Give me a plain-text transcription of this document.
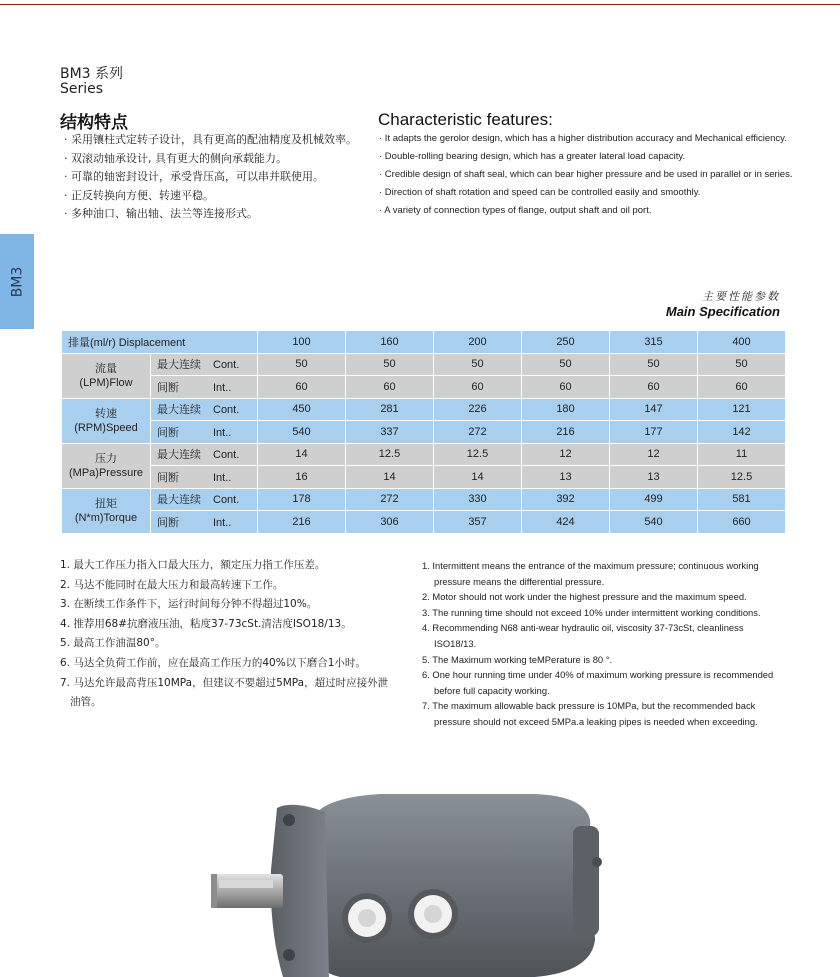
BM3
BM3 系列
Series
结构特点	Characteristic features:
· 采用镶柱式定转子设计，具有更高的配油精度及机械效率。
· 双滚动轴承设计, 具有更大的侧向承载能力。
· 可靠的轴密封设计，承受背压高，可以串并联使用。
· 正反转换向方便、转速平稳。
· 多种油口、输出轴、法兰等连接形式。
· It adapts the gerolor design, which has a higher distribution accuracy and Mechanical efficiency.
· Double-rolling bearing design, which has a greater lateral load capacity.
· Credible design of shaft seal, which can bear higher pressure and be used in parallel or in series.
· Direction of shaft rotation and speed can be controlled easily and smoothly.
· A variety of connection types of flange, output shaft and oil port.
主要性能参数
Main Specification
排量(ml/r) Displacement		100	160	200	250	315	400

流量
(LPM)Flow	最大连续 Cont.	50	50	50	50	50	50
	间断 Int..	60	60	60	60	60	60

转速
(RPM)Speed	最大连续 Cont.	450	281	226	180	147	121
	间断 Int..	540	337	272	216	177	142

压力
(MPa)Pressure	最大连续 Cont.	14	12.5	12.5	12	12	11
	间断 Int..	16	14	14	13	13	12.5

扭矩
(N*m)Torque	最大连续 Cont.	178	272	330	392	499	581
	间断 Int..	216	306	357	424	540	660
1. 最大工作压力指入口最大压力，额定压力指工作压差。
2. 马达不能同时在最大压力和最高转速下工作。
3. 在断续工作条件下，运行时间每分钟不得超过10%。
4. 推荐用68#抗磨液压油，粘度37-73cSt.清洁度ISO18/13。
5. 最高工作油温80°。
6. 马达全负荷工作前，应在最高工作压力的40%以下磨合1小时。
7. 马达允许最高背压10MPa，但建议不要超过5MPa，超过时应接外泄油管。
1. Intermittent means the entrance of the maximum pressure; continuous working pressure means the differential pressure.
2. Motor should not work under the highest pressure and the maximum speed.
3. The running time should not exceed 10% under intermittent working conditions.
4. Recommending N68 anti-wear hydraulic oil, viscosity 37-73cSt, cleanliness ISO18/13.
5. The Maximum working teMPerature is 80 °.
6. One hour running time under 40% of maximum working pressure is recommended before full capacity working.
7. The maximum allowable back pressure is 10MPa, but the recommended back pressure should not exceed 5MPa.a leaking pipes is needed when exceeding.
